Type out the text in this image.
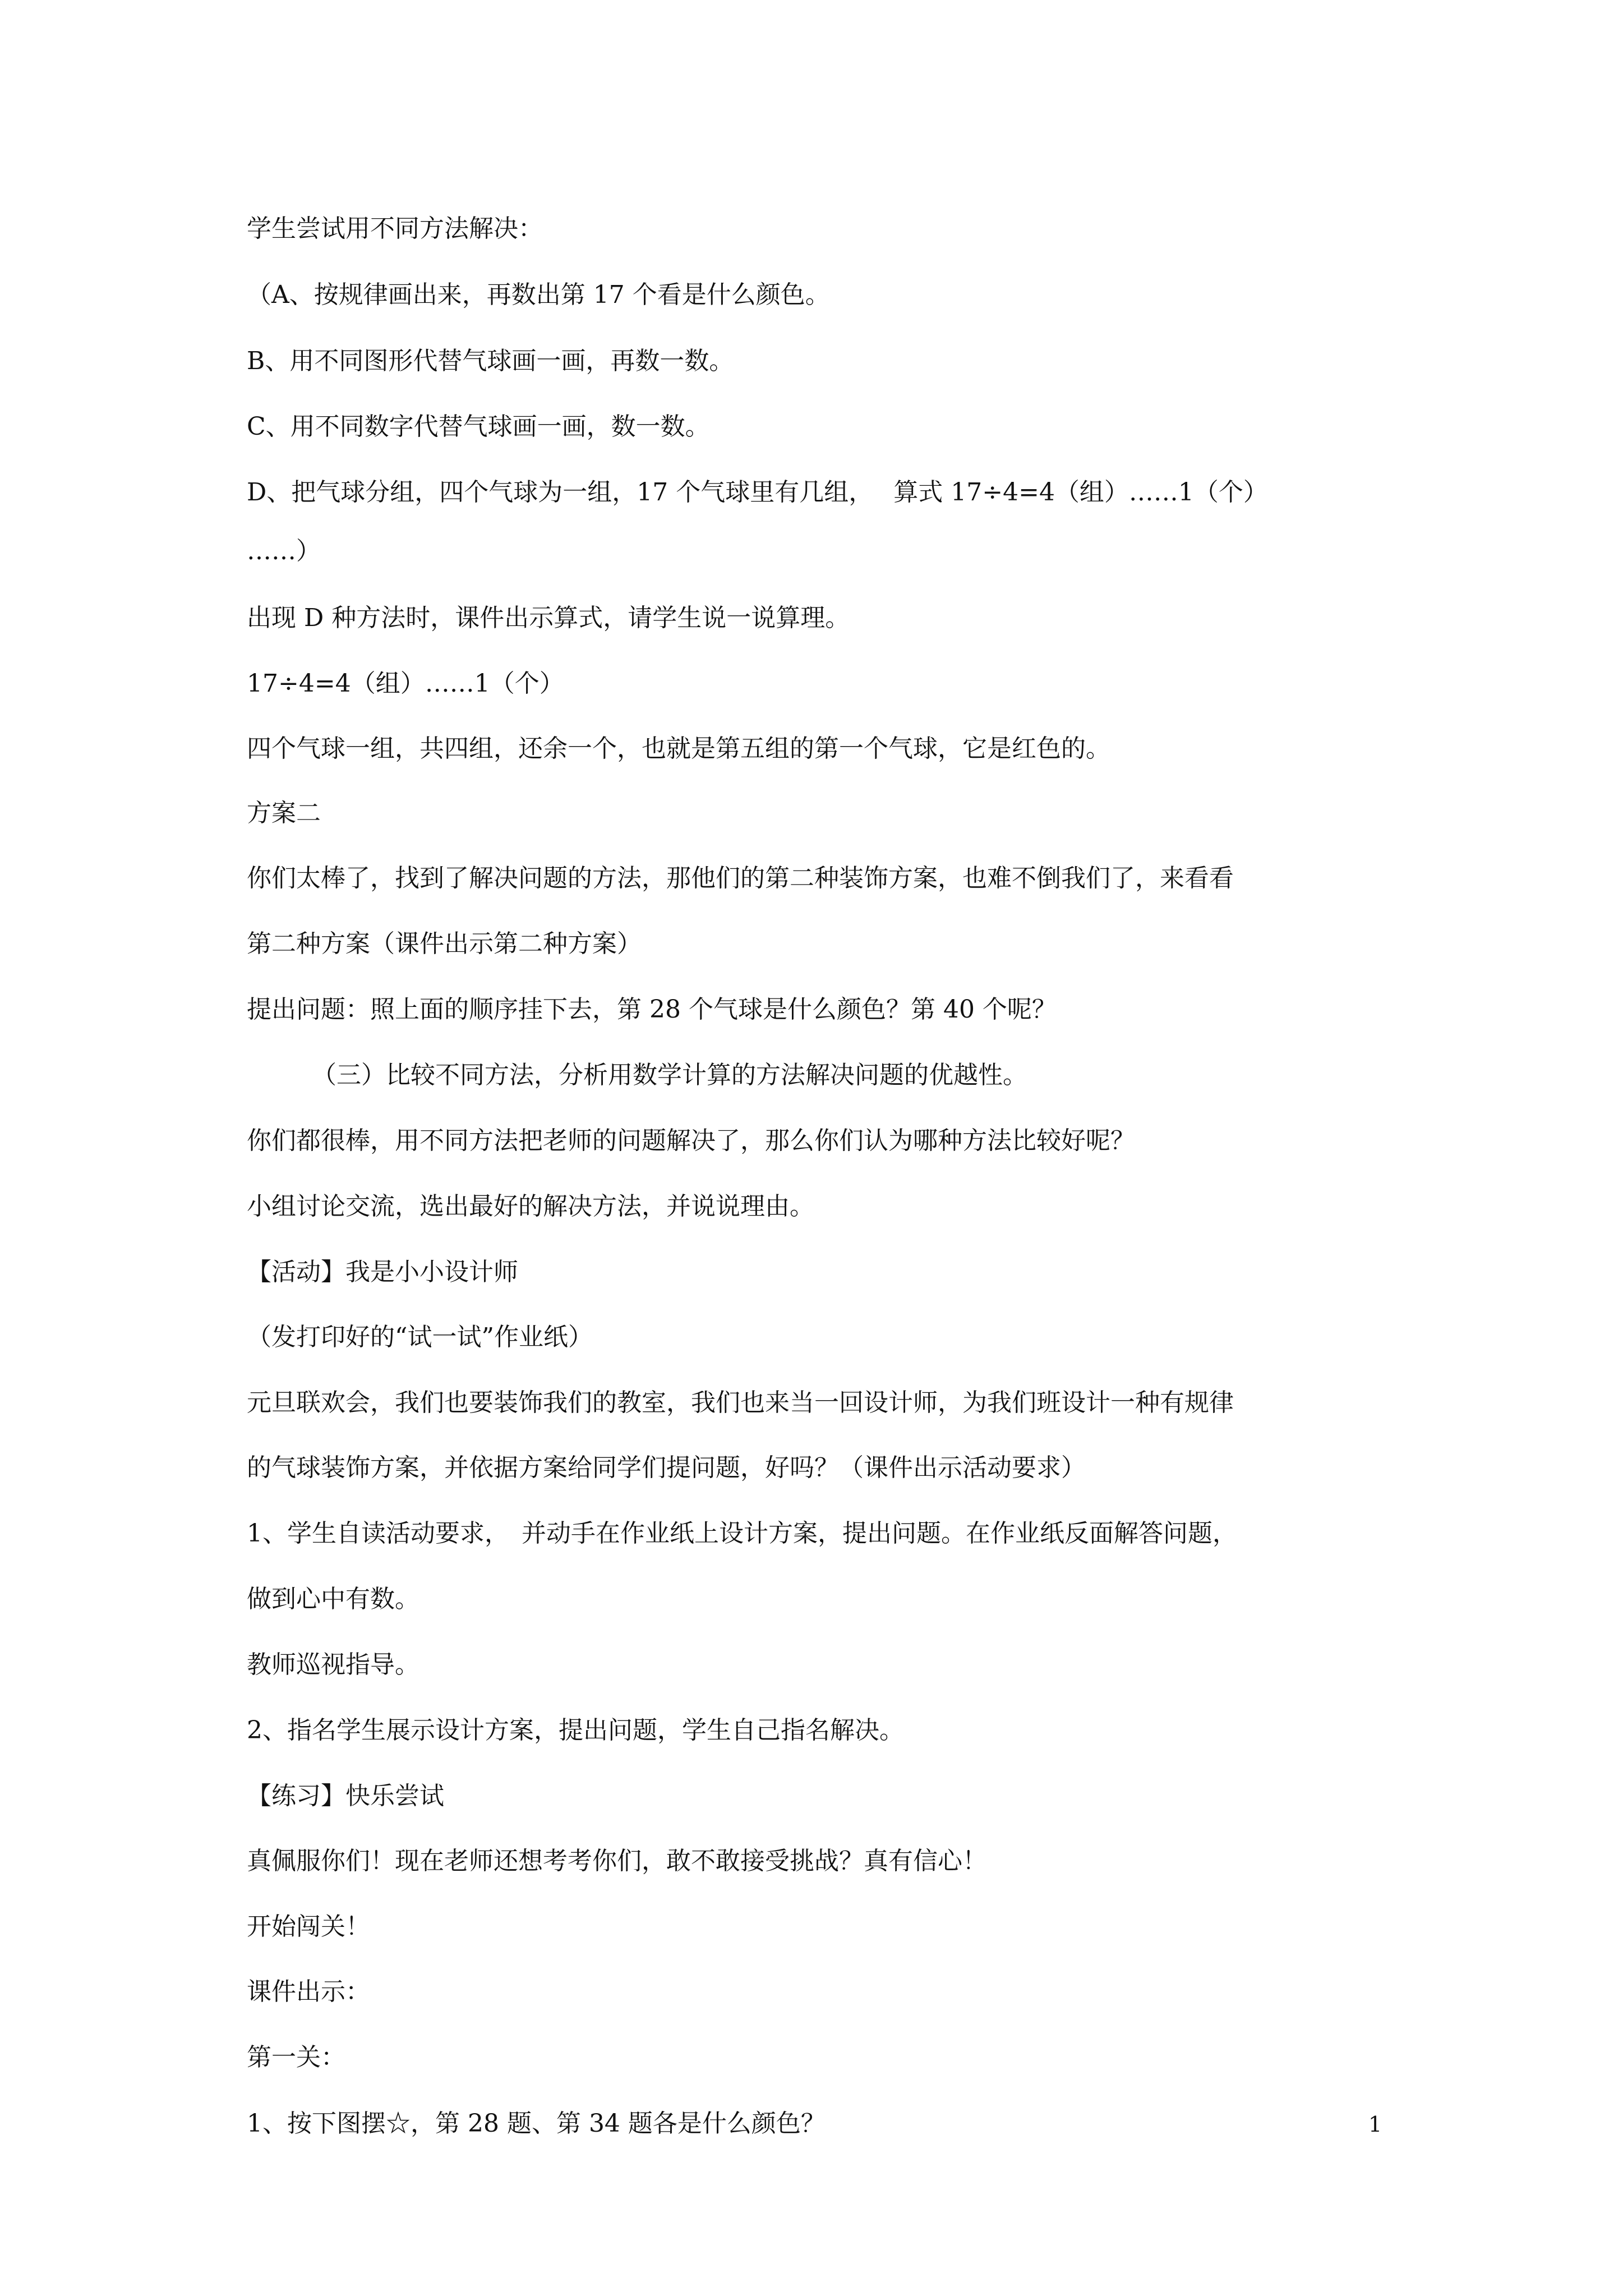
学生尝试用不同方法解决：

（A、按规律画出来，再数出第 17 个看是什么颜色。

B、用不同图形代替气球画一画，再数一数。

C、用不同数字代替气球画一画，数一数。

D、把气球分组，四个气球为一组，17 个气球里有几组，　 算式 17÷4=4（组）……1（个）

……）

出现 D 种方法时，课件出示算式，请学生说一说算理。

17÷4=4（组）……1（个）

四个气球一组，共四组，还余一个，也就是第五组的第一个气球，它是红色的。

方案二

你们太棒了，找到了解决问题的方法，那他们的第二种装饰方案，也难不倒我们了，来看看

第二种方案（课件出示第二种方案）

提出问题：照上面的顺序挂下去，第 28 个气球是什么颜色？第 40 个呢？

（三）比较不同方法，分析用数学计算的方法解决问题的优越性。

你们都很棒，用不同方法把老师的问题解决了，那么你们认为哪种方法比较好呢？

小组讨论交流，选出最好的解决方法，并说说理由。

【活动】我是小小设计师

（发打印好的“试一试”作业纸）

元旦联欢会，我们也要装饰我们的教室，我们也来当一回设计师，为我们班设计一种有规律

的气球装饰方案，并依据方案给同学们提问题，好吗？（课件出示活动要求）

1、学生自读活动要求，　并动手在作业纸上设计方案，提出问题。在作业纸反面解答问题，

做到心中有数。

教师巡视指导。

2、指名学生展示设计方案，提出问题，学生自己指名解决。

【练习】快乐尝试

真佩服你们！现在老师还想考考你们，敢不敢接受挑战？真有信心！

开始闯关！

课件出示：

第一关：

1、按下图摆☆，第 28 题、第 34 题各是什么颜色？	1
